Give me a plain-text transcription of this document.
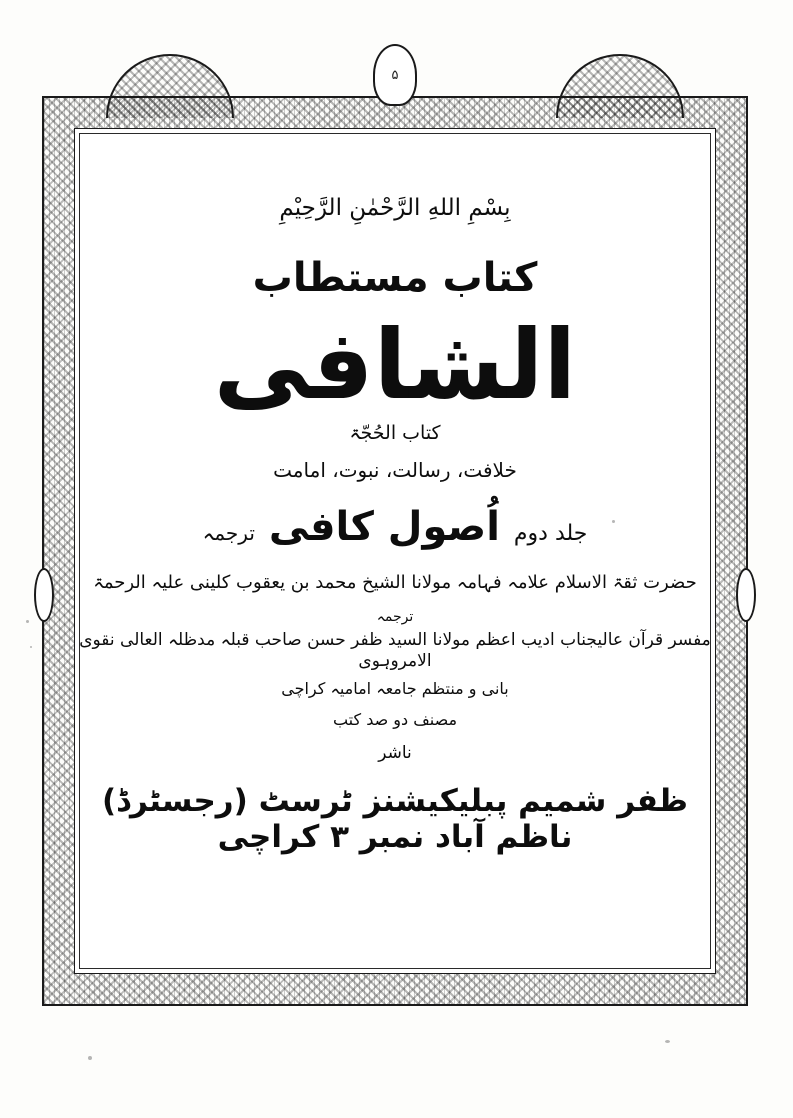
۵
بِسْمِ اللهِ الرَّحْمٰنِ الرَّحِيْمِ
کتاب مستطاب
الشافی
کتاب الحُجّۃ
خلافت، رسالت، نبوت، امامت
ترجمہ اُصول کافی جلد دوم
حضرت ثقۃ الاسلام علامہ فہامہ مولانا الشیخ محمد بن یعقوب کلینی علیہ الرحمۃ
ترجمہ
مفسر قرآن عالیجناب ادیب اعظم مولانا السید ظفر حسن صاحب قبلہ مدظلہ العالی نقوی الامروہوی
بانی و منتظم جامعہ امامیہ کراچی
مصنف دو صد کتب
ناشر
ظفر شمیم پبلیکیشنز ٹرسٹ (رجسٹرڈ) ناظم آباد نمبر ۳ کراچی
